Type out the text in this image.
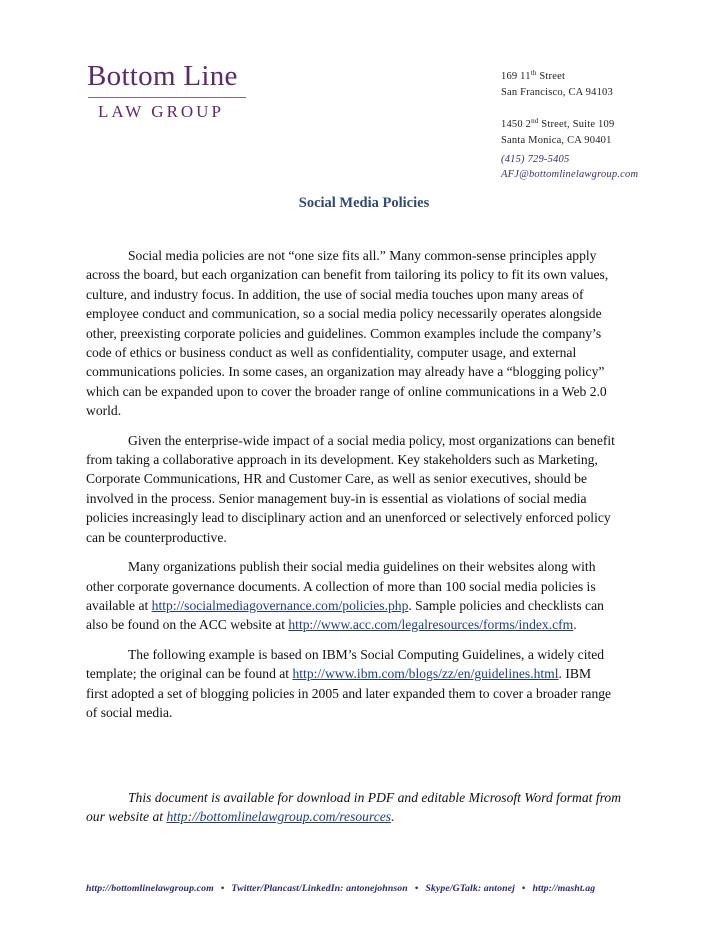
Bottom Line
LAW GROUP
169 11th Street
San Francisco, CA 94103
1450 2nd Street, Suite 109
Santa Monica, CA 90401
(415) 729-5405
AFJ@bottomlinelawgroup.com
Social Media Policies

Social media policies are not “one size fits all.” Many common-sense principles apply
across the board, but each organization can benefit from tailoring its policy to fit its own values,
culture, and industry focus. In addition, the use of social media touches upon many areas of
employee conduct and communication, so a social media policy necessarily operates alongside
other, preexisting corporate policies and guidelines. Common examples include the company’s
code of ethics or business conduct as well as confidentiality, computer usage, and external
communications policies. In some cases, an organization may already have a “blogging policy”
which can be expanded upon to cover the broader range of online communications in a Web 2.0
world.

Given the enterprise-wide impact of a social media policy, most organizations can benefit
from taking a collaborative approach in its development. Key stakeholders such as Marketing,
Corporate Communications, HR and Customer Care, as well as senior executives, should be
involved in the process. Senior management buy-in is essential as violations of social media
policies increasingly lead to disciplinary action and an unenforced or selectively enforced policy
can be counterproductive.

Many organizations publish their social media guidelines on their websites along with
other corporate governance documents. A collection of more than 100 social media policies is
available at http://socialmediagovernance.com/policies.php. Sample policies and checklists can
also be found on the ACC website at http://www.acc.com/legalresources/forms/index.cfm.

The following example is based on IBM’s Social Computing Guidelines, a widely cited
template; the original can be found at http://www.ibm.com/blogs/zz/en/guidelines.html. IBM
first adopted a set of blogging policies in 2005 and later expanded them to cover a broader range
of social media.

This document is available for download in PDF and editable Microsoft Word format from
our website at http://bottomlinelawgroup.com/resources.

http://bottomlinelawgroup.com • Twitter/Plancast/LinkedIn: antonejohnson • Skype/GTalk: antonej • http://masht.ag
